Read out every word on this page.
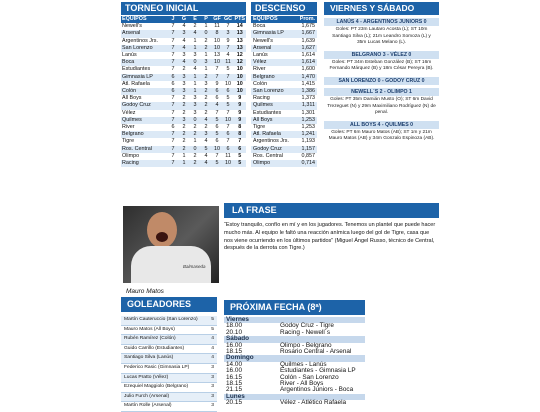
TORNEO INICIAL
EQUIPOS	J	G	E	P	GF	GC	PTS
Newell's	7	4	2	1	11	7	14
Arsenal	7	3	4	0	8	3	13
Argentinos Jrs.	7	4	1	2	10	9	13
San Lorenzo	7	4	1	2	10	7	13
Lanús	7	3	3	1	13	4	12
Boca	7	4	0	3	10	11	12
Estudiantes	7	2	4	1	7	5	10
Gimnasia LP	6	3	1	2	7	7	10
Atl. Rafaela	6	3	1	3	9	10	10
Colón	6	3	1	2	6	6	10
All Boys	7	2	3	2	6	5	9
Godoy Cruz	7	2	3	2	4	5	9
Vélez	7	2	3	2	7	7	9
Quilmes	7	3	0	4	5	10	9
River	6	2	2	2	6	7	8
Belgrano	7	2	2	3	5	6	8
Tigre	7	2	1	4	6	7	7
Ros. Central	7	2	0	5	10	6	6
Olimpo	7	1	2	4	7	11	5
Racing	7	1	2	4	5	10	5
DESCENSO
EQUIPOS	Prom.
Boca	1,675
Gimnasia LP	1,667
Newell's	1,639
Arsenal	1,627
Lanús	1,614
Vélez	1,614
River	1,600
Belgrano	1,470
Colón	1,415
San Lorenzo	1,386
Racing	1,373
Quilmes	1,311
Estudiantes	1,301
All Boys	1,253
Tigre	1,253
Atl. Rafaela	1,241
Argentinos Jrs.	1,193
Godoy Cruz	1,157
Ros. Central	0,857
Olimpo	0,714
VIERNES Y SÁBADO
LANÚS 4 - ARGENTINOS JUNIORS 0
Goles: PT 23m Lautaro Acosta (L); ST 10m Santiago Silva (L); 21m Leandro Somoza (L) y 35m Lucas Melano (L).
BELGRANO 3 - VÉLEZ 0
Goles: PT 34m Esteban González (B); ST 16m Fernando Márquez (B) y 18m César Pereyra (B).
SAN LORENZO 0 - GODOY CRUZ 0
NEWELL´S 2 - OLIMPO 1
Goles: PT 35m Damián Musto (O); ST 6m David Trezeguet (N) y 29m Maximiliano Rodríguez (N) de penal.
ALL BOYS 4 - QUILMES 0
Goles: PT 6m Mauro Matos (AB); ST 1m y 21m Mauro Matos (AB) y 34m Gonzalo Espinoza (AB).
Balmaseda
Mauro Matos
LA FRASE
“Estoy tranquilo, confío en mí y en los jugadores. Tenemos un plantel que puede hacer mucho más. Al equipo le faltó una reacción anímica luego del gol de Tigre, casa que nos viene ocurriendo en los últimos partidos” (Miguel Ángel Russo, técnico de Central, después de la derrota con Tigre.)
GOLEADORES
Martín Cauteruccio (San Lorenzo)	5
Mauro Matos (All Boys)	5
Rubén Ramírez (Colón)	4
Guido Carrillo (Estudiantes)	4
Santiago Silva (Lanús)	4
Federico Rasic (Gimnasia LP)	3
Lucas Pratto (Vélez)	3
Ezequiel Maggiolo (Belgrano)	3
Julio Furch (Arsenal)	3
Martín Rolle (Arsenal)	3
PRÓXIMA FECHA (8ª)
Viernes	
18.00	Godoy Cruz - Tigre
20.10	Racing - Newell´s
Sábado	
16.00	Olimpo - Belgrano
18.15	Rosario Central - Arsenal
Domingo	
14.00	Quilmes - Lanús
16.00	Estudiantes - Gimnasia LP
16.15	Colón - San Lorenzo
18.15	River - All Boys
21.15	Argentinos Juniors - Boca
Lunes	
20.15	Vélez - Atlético Rafaela
